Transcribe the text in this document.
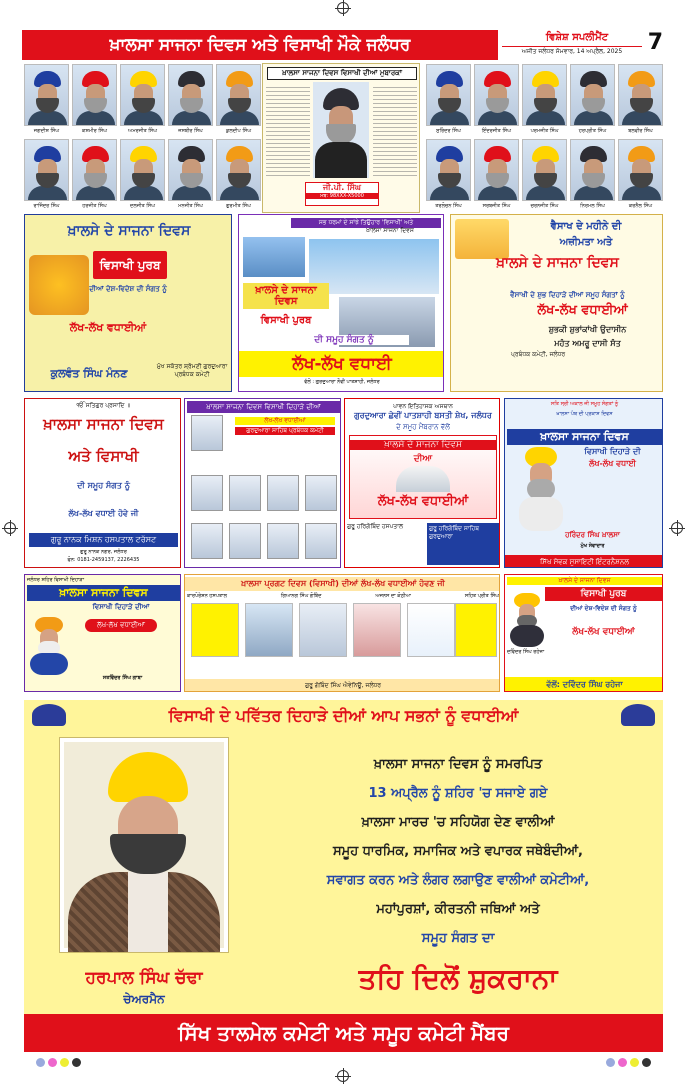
ਖ਼ਾਲਸਾ ਸਾਜਨਾ ਦਿਵਸ ਅਤੇ ਵਿਸਾਖੀ ਮੌਕੇ ਜਲੰਧਰ	ਵਿਸ਼ੇਸ਼ ਸਪਲੀਮੈਂਟ
ਅਜੀਤ ਜਲੰਧਰ ਸੋਮਵਾਰ, 14 ਅਪ੍ਰੈਲ, 2025	7
ਜਗਦੀਸ਼ ਸਿੰਘ	ਕਸ਼ਮੀਰ ਸਿੰਘ	ਅਮਰਜੀਤ ਸਿੰਘ	ਜਸਬੀਰ ਸਿੰਘ	ਕੁਲਦੀਪ ਸਿੰਘ
ਰਾਜਿੰਦਰ ਸਿੰਘ	ਹਰਜੀਤ ਸਿੰਘ	ਦਲਜੀਤ ਸਿੰਘ	ਮਨਜੀਤ ਸਿੰਘ	ਗੁਰਮੀਤ ਸਿੰਘ
ਸੁਰਿੰਦਰ ਸਿੰਘ	ਇੰਦਰਜੀਤ ਸਿੰਘ	ਪਰਮਜੀਤ ਸਿੰਘ	ਹਰਪ੍ਰੀਤ ਸਿੰਘ	ਬਲਵੀਰ ਸਿੰਘ
ਤਰਲੋਚਨ ਸਿੰਘ	ਸਰਬਜੀਤ ਸਿੰਘ	ਚਰਨਜੀਤ ਸਿੰਘ	ਨਿਰਮਲ ਸਿੰਘ	ਕਰਨੈਲ ਸਿੰਘ
ਖ਼ਾਲਸਾ ਸਾਜਨਾ ਦਿਵਸ ਵਿਸਾਖੀ ਦੀਆਂ ਮੁਬਾਰਕਾਂ
ਜੀ.ਪੀ. ਸਿੰਘ
ਮੋਬ: 98XXX-X5000
ਖ਼ਾਲਸੇ ਦੇ ਸਾਜਨਾ ਦਿਵਸ
ਵਿਸਾਖੀ ਪੁਰਬ
ਦੀਆਂ ਦੇਸ਼-ਵਿਦੇਸ਼ ਦੀ ਸੰਗਤ ਨੂੰ
ਲੱਖ-ਲੱਖ ਵਧਾਈਆਂ
ਕੁਲਵੰਤ ਸਿੰਘ ਮੰਨਣ
ਮੁੱਖ ਸਕੱਤਰ ਸ਼੍ਰੋਮਣੀ ਗੁਰਦੁਆਰਾ ਪ੍ਰਬੰਧਕ ਕਮੇਟੀ
ਸਭ ਧਰਮਾਂ ਦੇ ਸਾਂਝੇ ਤਿਉਹਾਰ 'ਵਿਸਾਖੀ' ਅਤੇ
ਖ਼ਾਲਸਾ ਸਾਜਨਾ ਦਿਵਸ
ਖ਼ਾਲਸੇ ਦੇ ਸਾਜਨਾ ਦਿਵਸ
ਵਿਸਾਖੀ ਪੁਰਬ
ਦੀ ਸਮੂਹ ਸੰਗਤ ਨੂੰ
ਲੱਖ-ਲੱਖ ਵਧਾਈ
ਵੱਲੋਂ : ਗੁਰਦੁਆਰਾ ਨੌਵੀਂ ਪਾਤਸ਼ਾਹੀ, ਜਲੰਧਰ
ਵੈਸਾਖ ਦੇ ਮਹੀਨੇ ਦੀ
ਅਜ਼ੀਮਤਾ ਅਤੇ
ਖ਼ਾਲਸੇ ਦੇ ਸਾਜਨਾ ਦਿਵਸ
ਵੈਸਾਖੀ ਦੇ ਸ਼ੁਭ ਦਿਹਾੜੇ ਦੀਆਂ ਸਮੂਹ ਸੰਗਤਾਂ ਨੂੰ
ਲੱਖ-ਲੱਖ ਵਧਾਈਆਂ
ਸ਼ੁਭਕੀ ਸ਼ੁਭਾਂਕਾਂਖੀ ਉਦਾਸੀਨ
ਮਹੰਤ ਅਮਰੂ ਦਾਸੀ ਸੰਤ
ਪ੍ਰਬੰਧਕ ਕਮੇਟੀ, ਜਲੰਧਰ
ੴ ਸਤਿਗੁਰ ਪ੍ਰਸਾਦਿ ॥
ਖ਼ਾਲਸਾ ਸਾਜਨਾ ਦਿਵਸ
ਅਤੇ ਵਿਸਾਖੀ
ਦੀ ਸਮੂਹ ਸੰਗਤ ਨੂੰ
ਲੱਖ-ਲੱਖ ਵਧਾਈ ਹੋਵੇ ਜੀ
ਗੁਰੂ ਨਾਨਕ ਮਿਸ਼ਨ ਹਸਪਤਾਲ ਟਰੱਸਟ
ਗੁਰੂ ਨਾਨਕ ਨਗਰ, ਜਲੰਧਰ
ਫੋਨ: 0181-2459137, 2226435
ਖ਼ਾਲਸਾ ਸਾਜਨਾ ਦਿਵਸ ਵਿਸਾਖੀ ਦਿਹਾੜੇ ਦੀਆਂ
ਲੱਖ-ਲੱਖ ਵਧਾਈਆਂ
ਗੁਰਦੁਆਰਾ ਸਾਹਿਬ ਪ੍ਰਬੰਧਕ ਕਮੇਟੀ
ਪਾਵਨ ਇਤਿਹਾਸਕ ਅਸਥਾਨ
ਗੁਰਦੁਆਰਾ ਛੇਵੀਂ ਪਾਤਸ਼ਾਹੀ ਬਸਤੀ ਸ਼ੇਖ, ਜਲੰਧਰ
ਦੇ ਸਮੂਹ ਮੈਂਬਰਾਨ ਵੱਲੋਂ
ਖ਼ਾਲਸੇ ਦੇ ਸਾਜਨਾ ਦਿਵਸ
ਦੀਆ
ਲੱਖ-ਲੱਖ ਵਧਾਈਆਂ
ਗੁਰੂ ਹਰਿਗੋਬਿੰਦ ਹਸਪਤਾਲ	ਗੁਰੂ ਹਰਿਗੋਬਿੰਦ ਸਾਹਿਬ ਗੁਰਦੁਆਰਾ
ਸਤਿ ਸ੍ਰੀ ਅਕਾਲ ਜੀ ਸਮੂਹ ਸੰਗਤਾਂ ਨੂੰ
ਖ਼ਾਲਸਾ ਪੰਥ ਦੀ ਪ੍ਰਕਾਸ਼ ਦਿਵਸ
ਖ਼ਾਲਸਾ ਸਾਜਨਾ ਦਿਵਸ
ਵਿਸਾਖੀ ਦਿਹਾੜੇ ਦੀ
ਲੱਖ-ਲੱਖ ਵਧਾਈ
ਹਰਿੰਦਰ ਸਿੰਘ ਖ਼ਾਲਸਾ
ਮੁੱਖ ਸੇਵਾਦਾਰ
ਸਿੱਖ ਸੇਵਕ ਸੁਸਾਇਟੀ ਇੰਟਰਨੈਸ਼ਨਲ
ਜਲੰਧਰ ਸ਼ਹਿਰ ਵਿਸਾਖੀ ਦਿਹਾੜਾ
ਖ਼ਾਲਸਾ ਸਾਜਨਾ ਦਿਵਸ
ਵਿਸਾਖੀ ਦਿਹਾੜੇ ਦੀਆਂ
ਲੱਖ-ਲੱਖ ਵਧਾਈਆਂ
ਸਤਵਿੰਦਰ ਸਿੰਘ ਗਾਬਾ
ਖ਼ਾਲਸਾ ਪ੍ਰਗਟ ਦਿਵਸ (ਵਿਸਾਖੀ) ਦੀਆਂ ਲੱਖ-ਲੱਖ ਵਧਾਈਆਂ ਹੋਵਣ ਜੀ
ਕਾਰਪੋਰੇਸ਼ਨ ਹਸਪਤਾਲ	ਗਿਆਨਗ ਸਿੰਘ ਗੋਬਿੰਦ	ਅਜਨਸ ਦਾ ਕੋਠੀਆ	ਸਹਿਤ ਪ੍ਰੀਤ ਸਿੰਘ
ਗੁਰੂ ਗੋਬਿੰਦ ਸਿੰਘ ਐਵੇਨਿਊ, ਜਲੰਧਰ
ਖ਼ਾਲਸੇ ਦੇ ਸਾਜਨਾ ਦਿਵਸ
ਵਿਸਾਖੀ ਪੁਰਬ
ਦੀਆਂ ਦੇਸ਼-ਵਿਦੇਸ਼ ਦੀ ਸੰਗਤ ਨੂੰ
ਲੱਖ-ਲੱਖ ਵਧਾਈਆਂ
ਦਵਿੰਦਰ ਸਿੰਘ ਰਹੇਜਾ
ਵੱਲੋਂ: ਦਵਿੰਦਰ ਸਿੰਘ ਰਹੇਜਾ
ਵਿਸਾਖੀ ਦੇ ਪਵਿੱਤਰ ਦਿਹਾੜੇ ਦੀਆਂ ਆਪ ਸਭਨਾਂ ਨੂੰ ਵਧਾਈਆਂ
ਹਰਪਾਲ ਸਿੰਘ ਚੱਢਾ
ਚੇਅਰਮੈਨ
ਖ਼ਾਲਸਾ ਸਾਜਨਾ ਦਿਵਸ ਨੂੰ ਸਮਰਪਿਤ
13 ਅਪ੍ਰੈਲ ਨੂੰ ਸ਼ਹਿਰ 'ਚ ਸਜਾਏ ਗਏ
ਖ਼ਾਲਸਾ ਮਾਰਚ 'ਚ ਸਹਿਯੋਗ ਦੇਣ ਵਾਲੀਆਂ
ਸਮੂਹ ਧਾਰਮਿਕ, ਸਮਾਜਿਕ ਅਤੇ ਵਪਾਰਕ ਜਥੇਬੰਦੀਆਂ,
ਸਵਾਗਤ ਕਰਨ ਅਤੇ ਲੰਗਰ ਲਗਾਉਣ ਵਾਲੀਆਂ ਕਮੇਟੀਆਂ,
ਮਹਾਂਪੁਰਸ਼ਾਂ, ਕੀਰਤਨੀ ਜਥਿਆਂ ਅਤੇ
ਸਮੂਹ ਸੰਗਤ ਦਾ
ਤਹਿ ਦਿਲੋਂ ਸ਼ੁਕਰਾਨਾ
ਸਿੱਖ ਤਾਲਮੇਲ ਕਮੇਟੀ ਅਤੇ ਸਮੂਹ ਕਮੇਟੀ ਮੈਂਬਰ
